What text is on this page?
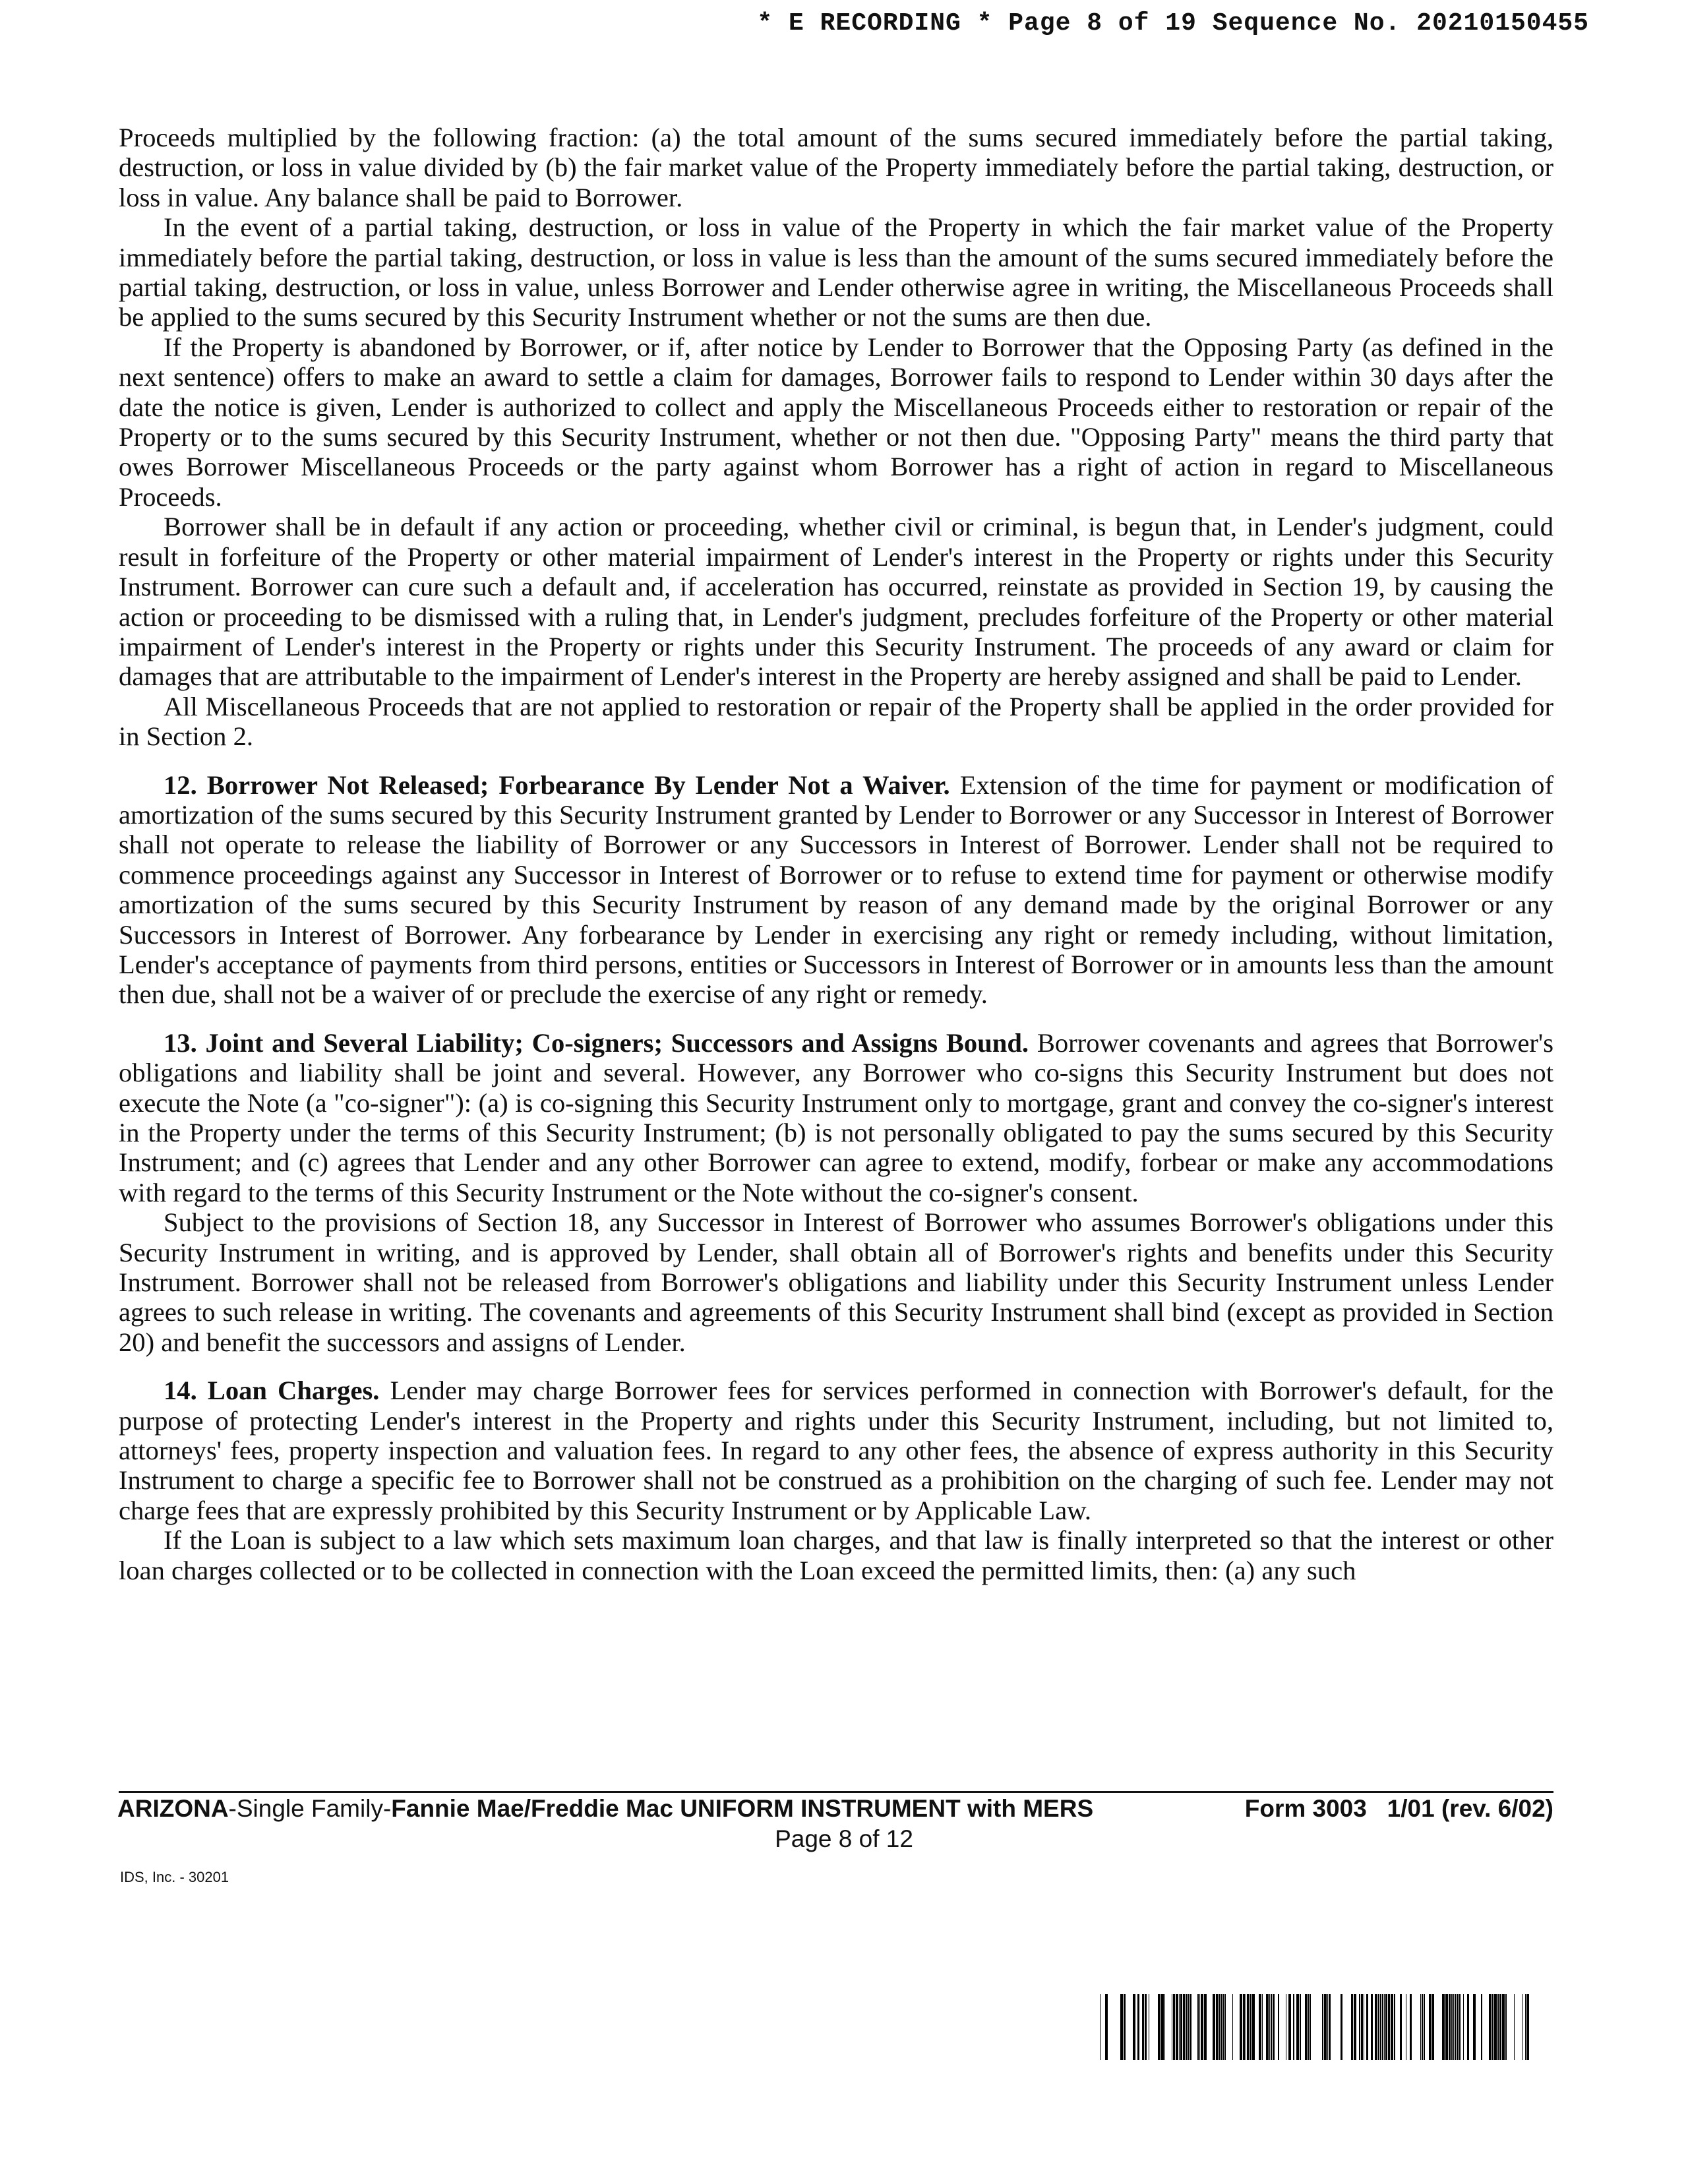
* E RECORDING * Page 8 of 19 Sequence No. 20210150455

Proceeds multiplied by the following fraction: (a) the total amount of the sums secured immediately before the partial taking, destruction, or loss in value divided by (b) the fair market value of the Property immediately before the partial taking, destruction, or loss in value. Any balance shall be paid to Borrower.

In the event of a partial taking, destruction, or loss in value of the Property in which the fair market value of the Property immediately before the partial taking, destruction, or loss in value is less than the amount of the sums secured immediately before the partial taking, destruction, or loss in value, unless Borrower and Lender otherwise agree in writing, the Miscellaneous Proceeds shall be applied to the sums secured by this Security Instrument whether or not the sums are then due.

If the Property is abandoned by Borrower, or if, after notice by Lender to Borrower that the Opposing Party (as defined in the next sentence) offers to make an award to settle a claim for damages, Borrower fails to respond to Lender within 30 days after the date the notice is given, Lender is authorized to collect and apply the Miscellaneous Proceeds either to restoration or repair of the Property or to the sums secured by this Security Instrument, whether or not then due. "Opposing Party" means the third party that owes Borrower Miscellaneous Proceeds or the party against whom Borrower has a right of action in regard to Miscellaneous Proceeds.

Borrower shall be in default if any action or proceeding, whether civil or criminal, is begun that, in Lender's judgment, could result in forfeiture of the Property or other material impairment of Lender's interest in the Property or rights under this Security Instrument. Borrower can cure such a default and, if acceleration has occurred, reinstate as provided in Section 19, by causing the action or proceeding to be dismissed with a ruling that, in Lender's judgment, precludes forfeiture of the Property or other material impairment of Lender's interest in the Property or rights under this Security Instrument. The proceeds of any award or claim for damages that are attributable to the impairment of Lender's interest in the Property are hereby assigned and shall be paid to Lender.

All Miscellaneous Proceeds that are not applied to restoration or repair of the Property shall be applied in the order provided for in Section 2.

12. Borrower Not Released; Forbearance By Lender Not a Waiver. Extension of the time for payment or modification of amortization of the sums secured by this Security Instrument granted by Lender to Borrower or any Successor in Interest of Borrower shall not operate to release the liability of Borrower or any Successors in Interest of Borrower. Lender shall not be required to commence proceedings against any Successor in Interest of Borrower or to refuse to extend time for payment or otherwise modify amortization of the sums secured by this Security Instrument by reason of any demand made by the original Borrower or any Successors in Interest of Borrower. Any forbearance by Lender in exercising any right or remedy including, without limitation, Lender's acceptance of payments from third persons, entities or Successors in Interest of Borrower or in amounts less than the amount then due, shall not be a waiver of or preclude the exercise of any right or remedy.

13. Joint and Several Liability; Co-signers; Successors and Assigns Bound. Borrower covenants and agrees that Borrower's obligations and liability shall be joint and several. However, any Borrower who co-signs this Security Instrument but does not execute the Note (a "co-signer"): (a) is co-signing this Security Instrument only to mortgage, grant and convey the co-signer's interest in the Property under the terms of this Security Instrument; (b) is not personally obligated to pay the sums secured by this Security Instrument; and (c) agrees that Lender and any other Borrower can agree to extend, modify, forbear or make any accommodations with regard to the terms of this Security Instrument or the Note without the co-signer's consent.

Subject to the provisions of Section 18, any Successor in Interest of Borrower who assumes Borrower's obligations under this Security Instrument in writing, and is approved by Lender, shall obtain all of Borrower's rights and benefits under this Security Instrument. Borrower shall not be released from Borrower's obligations and liability under this Security Instrument unless Lender agrees to such release in writing. The covenants and agreements of this Security Instrument shall bind (except as provided in Section 20) and benefit the successors and assigns of Lender.

14. Loan Charges. Lender may charge Borrower fees for services performed in connection with Borrower's default, for the purpose of protecting Lender's interest in the Property and rights under this Security Instrument, including, but not limited to, attorneys' fees, property inspection and valuation fees. In regard to any other fees, the absence of express authority in this Security Instrument to charge a specific fee to Borrower shall not be construed as a prohibition on the charging of such fee. Lender may not charge fees that are expressly prohibited by this Security Instrument or by Applicable Law.

If the Loan is subject to a law which sets maximum loan charges, and that law is finally interpreted so that the interest or other loan charges collected or to be collected in connection with the Loan exceed the permitted limits, then: (a) any such

ARIZONA-Single Family-Fannie Mae/Freddie Mac UNIFORM INSTRUMENT with MERS	Form 3003   1/01 (rev. 6/02)
Page 8 of 12
IDS, Inc. - 30201
